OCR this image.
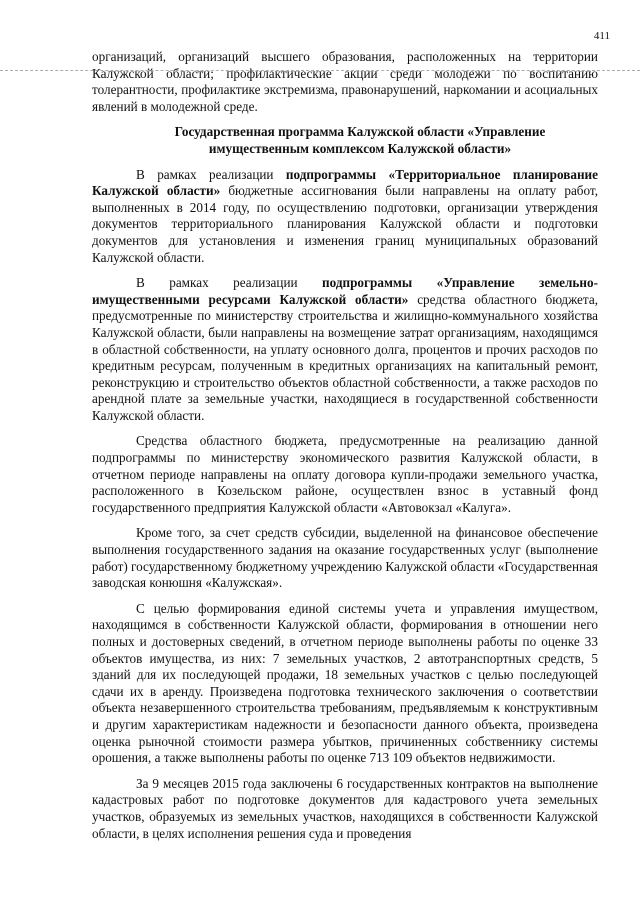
411

организаций, организаций высшего образования, расположенных на территории Калужской области; профилактические акции среди молодежи по воспитанию толерантности, профилактике экстремизма, правонарушений, наркомании и асоциальных явлений в молодежной среде.

Государственная программа Калужской области «Управление
имущественным комплексом Калужской области»

В рамках реализации подпрограммы «Территориальное планирование Калужской области» бюджетные ассигнования были направлены на оплату работ, выполненных в 2014 году, по осуществлению подготовки, организации утверждения документов территориального планирования Калужской области и подготовки документов для установления и изменения границ муниципальных образований Калужской области.

В рамках реализации подпрограммы «Управление земельно-имущественными ресурсами Калужской области» средства областного бюджета, предусмотренные по министерству строительства и жилищно-коммунального хозяйства Калужской области, были направлены на возмещение затрат организациям, находящимся в областной собственности, на уплату основного долга, процентов и прочих расходов по кредитным ресурсам, полученным в кредитных организациях на капитальный ремонт, реконструкцию и строительство объектов областной собственности, а также расходов по арендной плате за земельные участки, находящиеся в государственной собственности Калужской области.

Средства областного бюджета, предусмотренные на реализацию данной подпрограммы по министерству экономического развития Калужской области, в отчетном периоде направлены на оплату договора купли-продажи земельного участка, расположенного в Козельском районе, осуществлен взнос в уставный фонд государственного предприятия Калужской области «Автовокзал «Калуга».

Кроме того, за счет средств субсидии, выделенной на финансовое обеспечение выполнения государственного задания на оказание государственных услуг (выполнение работ) государственному бюджетному учреждению Калужской области «Государственная заводская конюшня «Калужская».

С целью формирования единой системы учета и управления имуществом, находящимся в собственности Калужской области, формирования в отношении него полных и достоверных сведений, в отчетном периоде выполнены работы по оценке 33 объектов имущества, из них: 7 земельных участков, 2 автотранспортных средств, 5 зданий для их последующей продажи, 18 земельных участков с целью последующей сдачи их в аренду. Произведена подготовка технического заключения о соответствии объекта незавершенного строительства требованиям, предъявляемым к конструктивным и другим характеристикам надежности и безопасности данного объекта, произведена оценка рыночной стоимости размера убытков, причиненных собственнику системы орошения, а также выполнены работы по оценке 713 109 объектов недвижимости.

За 9 месяцев 2015 года заключены 6 государственных контрактов на выполнение кадастровых работ по подготовке документов для кадастрового учета земельных участков, образуемых из земельных участков, находящихся в собственности Калужской области, в целях исполнения решения суда и проведения
